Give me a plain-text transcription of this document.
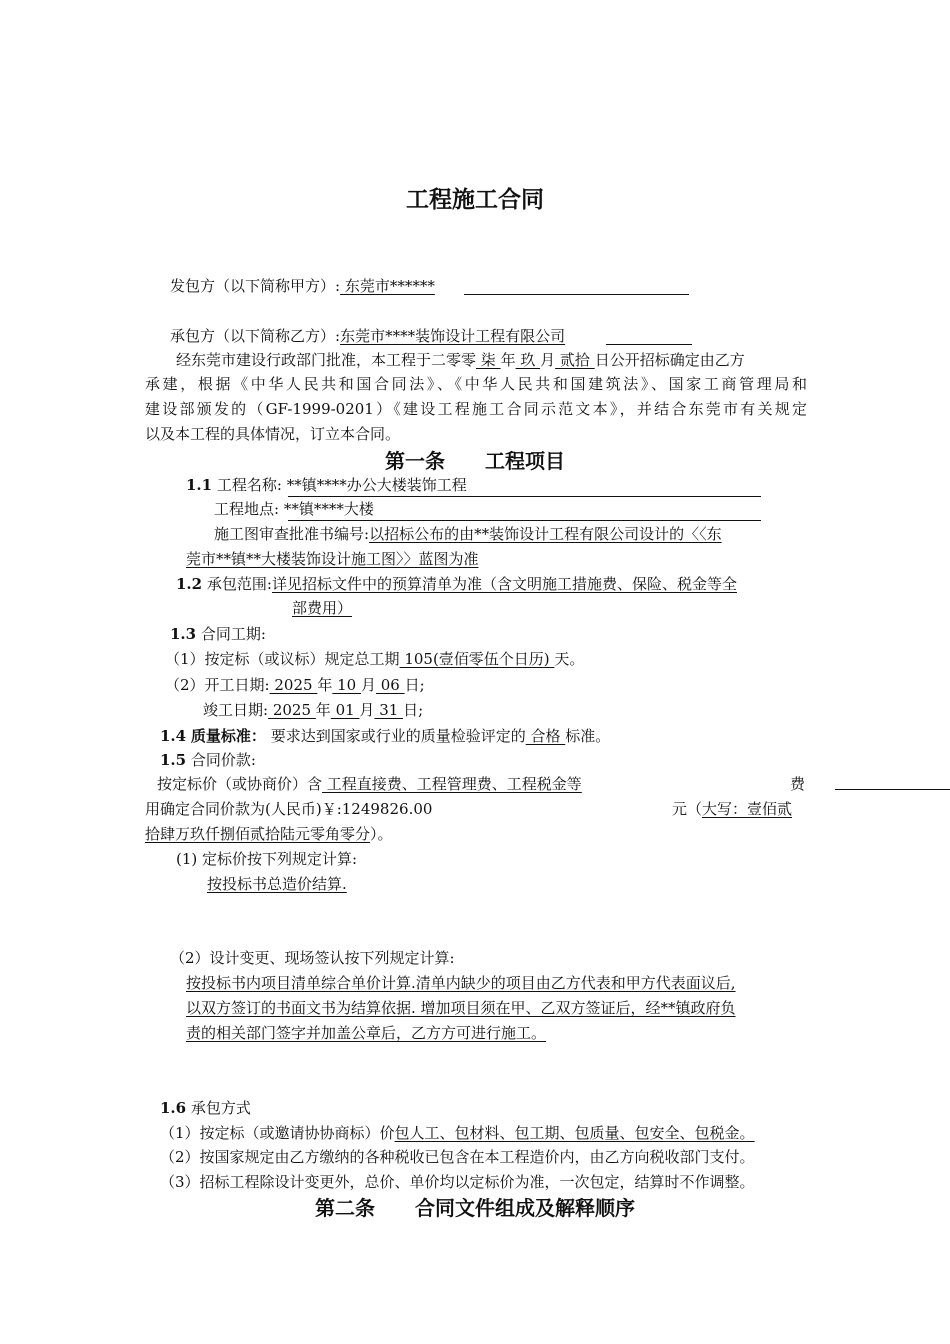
工程施工合同
发包方（以下简称甲方）: 东莞市******
承包方（以下简称乙方）:东莞市****装饰设计工程有限公司
经东莞市建设行政部门批准，本工程于二零零 柒 年 玖 月 贰拾 日公开招标确定由乙方
承建，根据《中华人民共和国合同法》、《中华人民共和国建筑法》、国家工商管理局和
建设部颁发的（GF-1999-0201）《建设工程施工合同示范文本》，并结合东莞市有关规定
以及本工程的具体情况，订立本合同。
第一条　　工程项目
1.1 工程名称: **镇****办公大楼装饰工程
工程地点: **镇****大楼
施工图审查批准书编号:以招标公布的由**装饰设计工程有限公司设计的〈〈东
莞市**镇**大楼装饰设计施工图〉〉蓝图为准
1.2 承包范围:详见招标文件中的预算清单为准（含文明施工措施费、保险、税金等全
部费用）
1.3 合同工期:
（1）按定标（或议标）规定总工期 105(壹佰零伍个日历) 天。
（2）开工日期: 2025 年 10 月 06 日;
竣工日期: 2025 年 01 月 31 日;
1.4 质量标准： 要求达到国家或行业的质量检验评定的 合格 标准。
1.5 合同价款:
按定标价（或协商价）含 工程直接费、工程管理费、工程税金等	费
用确定合同价款为(人民币)￥:1249826.00	元（大写：壹佰贰
拾肆万玖仟捌佰贰拾陆元零角零分）。
(1) 定标价按下列规定计算:
按投标书总造价结算.
（2）设计变更、现场签认按下列规定计算:
按投标书内项目清单综合单价计算.清单内缺少的项目由乙方代表和甲方代表面议后,
以双方签订的书面文书为结算依据. 增加项目须在甲、乙双方签证后，经**镇政府负
责的相关部门签字并加盖公章后，乙方方可进行施工。
1.6 承包方式
（1）按定标（或邀请协协商标）价包人工、包材料、包工期、包质量、包安全、包税金。
（2）按国家规定由乙方缴纳的各种税收已包含在本工程造价内，由乙方向税收部门支付。
（3）招标工程除设计变更外，总价、单价均以定标价为准，一次包定，结算时不作调整。
第二条　　合同文件组成及解释顺序
